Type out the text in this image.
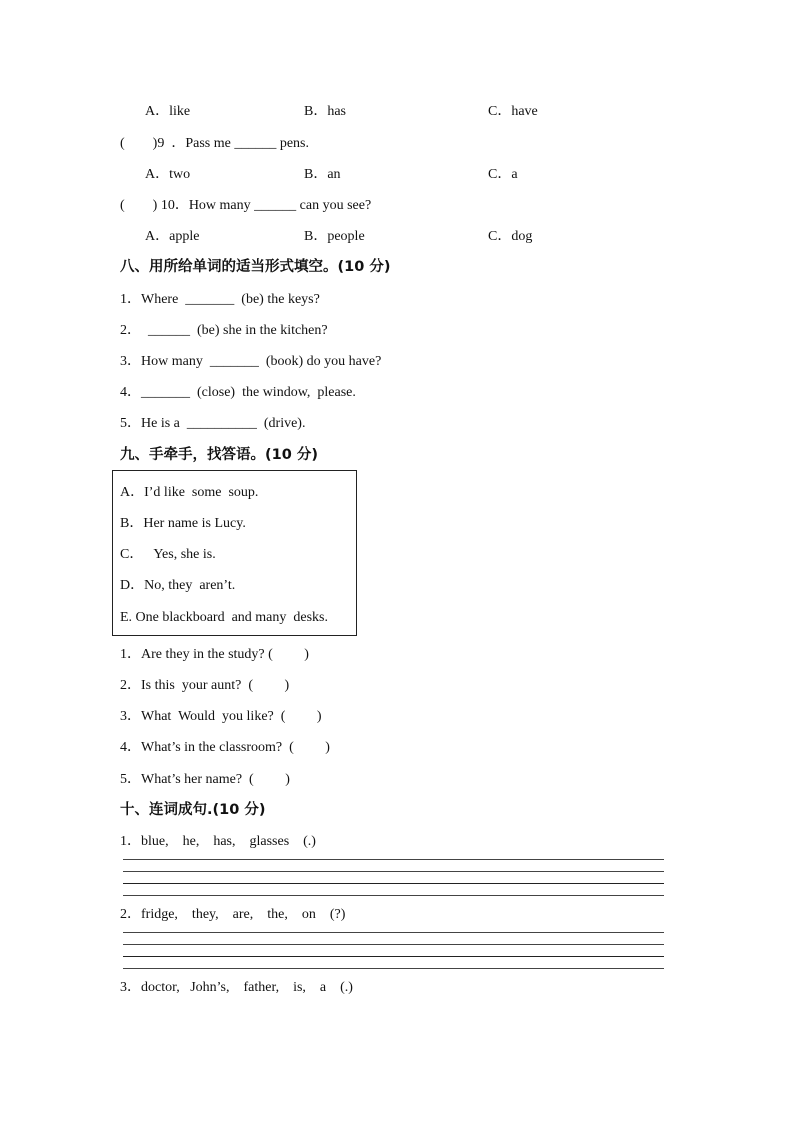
A．like	B．has	C．have
(        )9  ．Pass me ______ pens.
A．two	B．an	C．a
(        ) 10．How many ______ can you see?
A．apple	B．people	C．dog
八、用所给单词的适当形式填空。(10 分)
1．Where  _______  (be) the keys?
2．  ______  (be) she in the kitchen?
3．How many  _______  (book) do you have?
4．_______  (close)  the window,  please.
5．He is a  __________  (drive).
九、手牵手，找答语。(10 分)
A．I’d like  some  soup.
B．Her name is Lucy.
C．   Yes, she is.
D．No, they  aren’t.
E. One blackboard  and many  desks.
1．Are they in the study? (         )
2．Is this  your aunt?  (         )
3．What  Would  you like?  (         )
4．What’s in the classroom?  (         )
5．What’s her name?  (         )
十、连词成句.(10 分)
1．blue,    he,    has,    glasses    (.)
2．fridge,    they,    are,    the,    on    (?)
3．doctor,   John’s,    father,    is,    a    (.)
